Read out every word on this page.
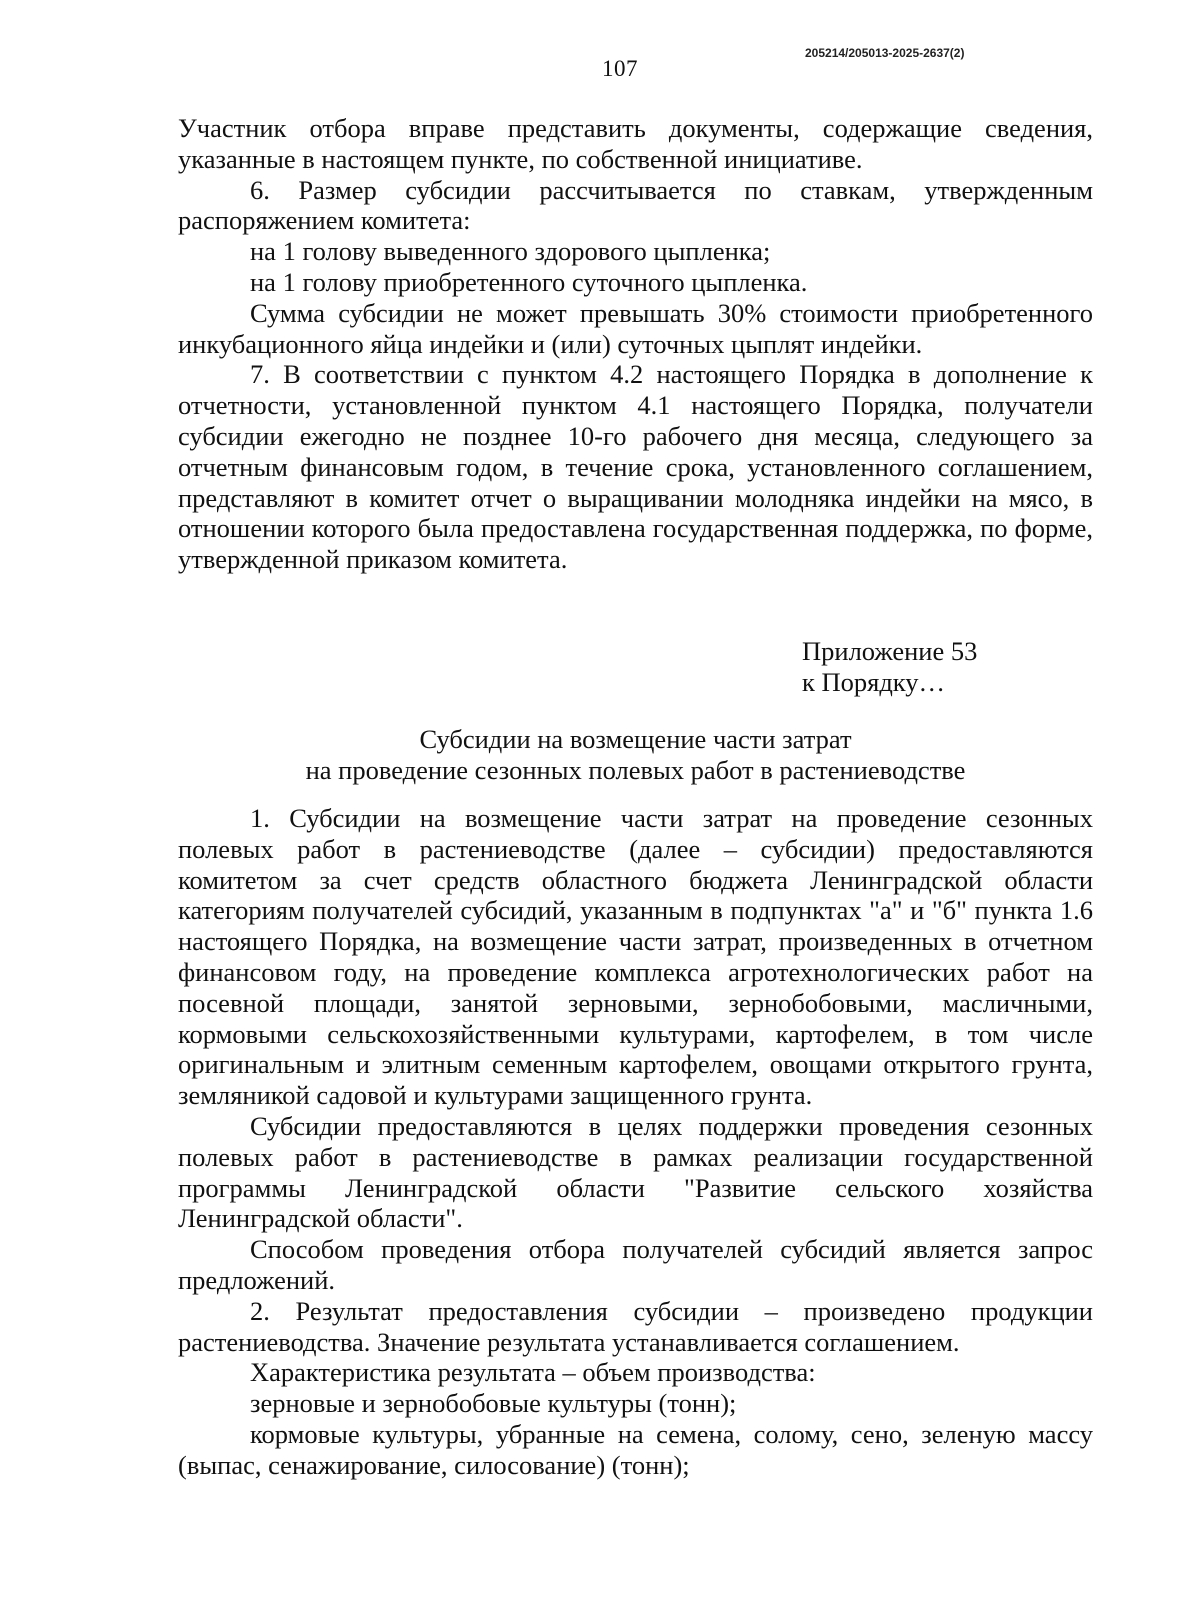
107
205214/205013-2025-2637(2)

Участник отбора вправе представить документы, содержащие сведения, указанные в настоящем пункте, по собственной инициативе.

6. Размер субсидии рассчитывается по ставкам, утвержденным распоряжением комитета:

на 1 голову выведенного здорового цыпленка;

на 1 голову приобретенного суточного цыпленка.

Сумма субсидии не может превышать 30% стоимости приобретенного инкубационного яйца индейки и (или) суточных цыплят индейки.

7. В соответствии с пунктом 4.2 настоящего Порядка в дополнение к отчетности, установленной пунктом 4.1 настоящего Порядка, получатели субсидии ежегодно не позднее 10-го рабочего дня месяца, следующего за отчетным финансовым годом, в течение срока, установленного соглашением, представляют в комитет отчет о выращивании молодняка индейки на мясо, в отношении которого была предоставлена государственная поддержка, по форме, утвержденной приказом комитета.

Приложение 53
к Порядку…
Субсидии на возмещение части затрат
на проведение сезонных полевых работ в растениеводстве

1. Субсидии на возмещение части затрат на проведение сезонных полевых работ в растениеводстве (далее – субсидии) предоставляются комитетом за счет средств областного бюджета Ленинградской области категориям получателей субсидий, указанным в подпунктах "а" и "б" пункта 1.6 настоящего Порядка, на возмещение части затрат, произведенных в отчетном финансовом году, на проведение комплекса агротехнологических работ на посевной площади, занятой зерновыми, зернобобовыми, масличными, кормовыми сельскохозяйственными культурами, картофелем, в том числе оригинальным и элитным семенным картофелем, овощами открытого грунта, земляникой садовой и культурами защищенного грунта.

Субсидии предоставляются в целях поддержки проведения сезонных полевых работ в растениеводстве в рамках реализации государственной программы Ленинградской области "Развитие сельского хозяйства Ленинградской области".

Способом проведения отбора получателей субсидий является запрос предложений.

2. Результат предоставления субсидии – произведено продукции растениеводства. Значение результата устанавливается соглашением.

Характеристика результата – объем производства:

зерновые и зернобобовые культуры (тонн);

кормовые культуры, убранные на семена, солому, сено, зеленую массу (выпас, сенажирование, силосование) (тонн);
